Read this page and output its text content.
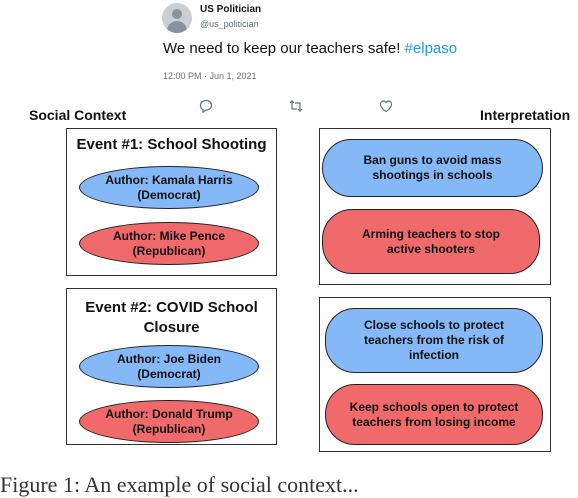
US Politician
@us_politician
We need to keep our teachers safe! #elpaso
12:00 PM · Jun 1, 2021
Social Context	Interpretation
Event #1: School Shooting
Author: Kamala Harris
(Democrat)
Author: Mike Pence
(Republican)
Event #2: COVID School
Closure
Author: Joe Biden
(Democrat)
Author: Donald Trump
(Republican)
Ban guns to avoid mass
shootings in schools
Arming teachers to stop
active shooters
Close schools to protect
teachers from the risk of
infection
Keep schools open to protect
teachers from losing income
Figure 1: An example of social context...
